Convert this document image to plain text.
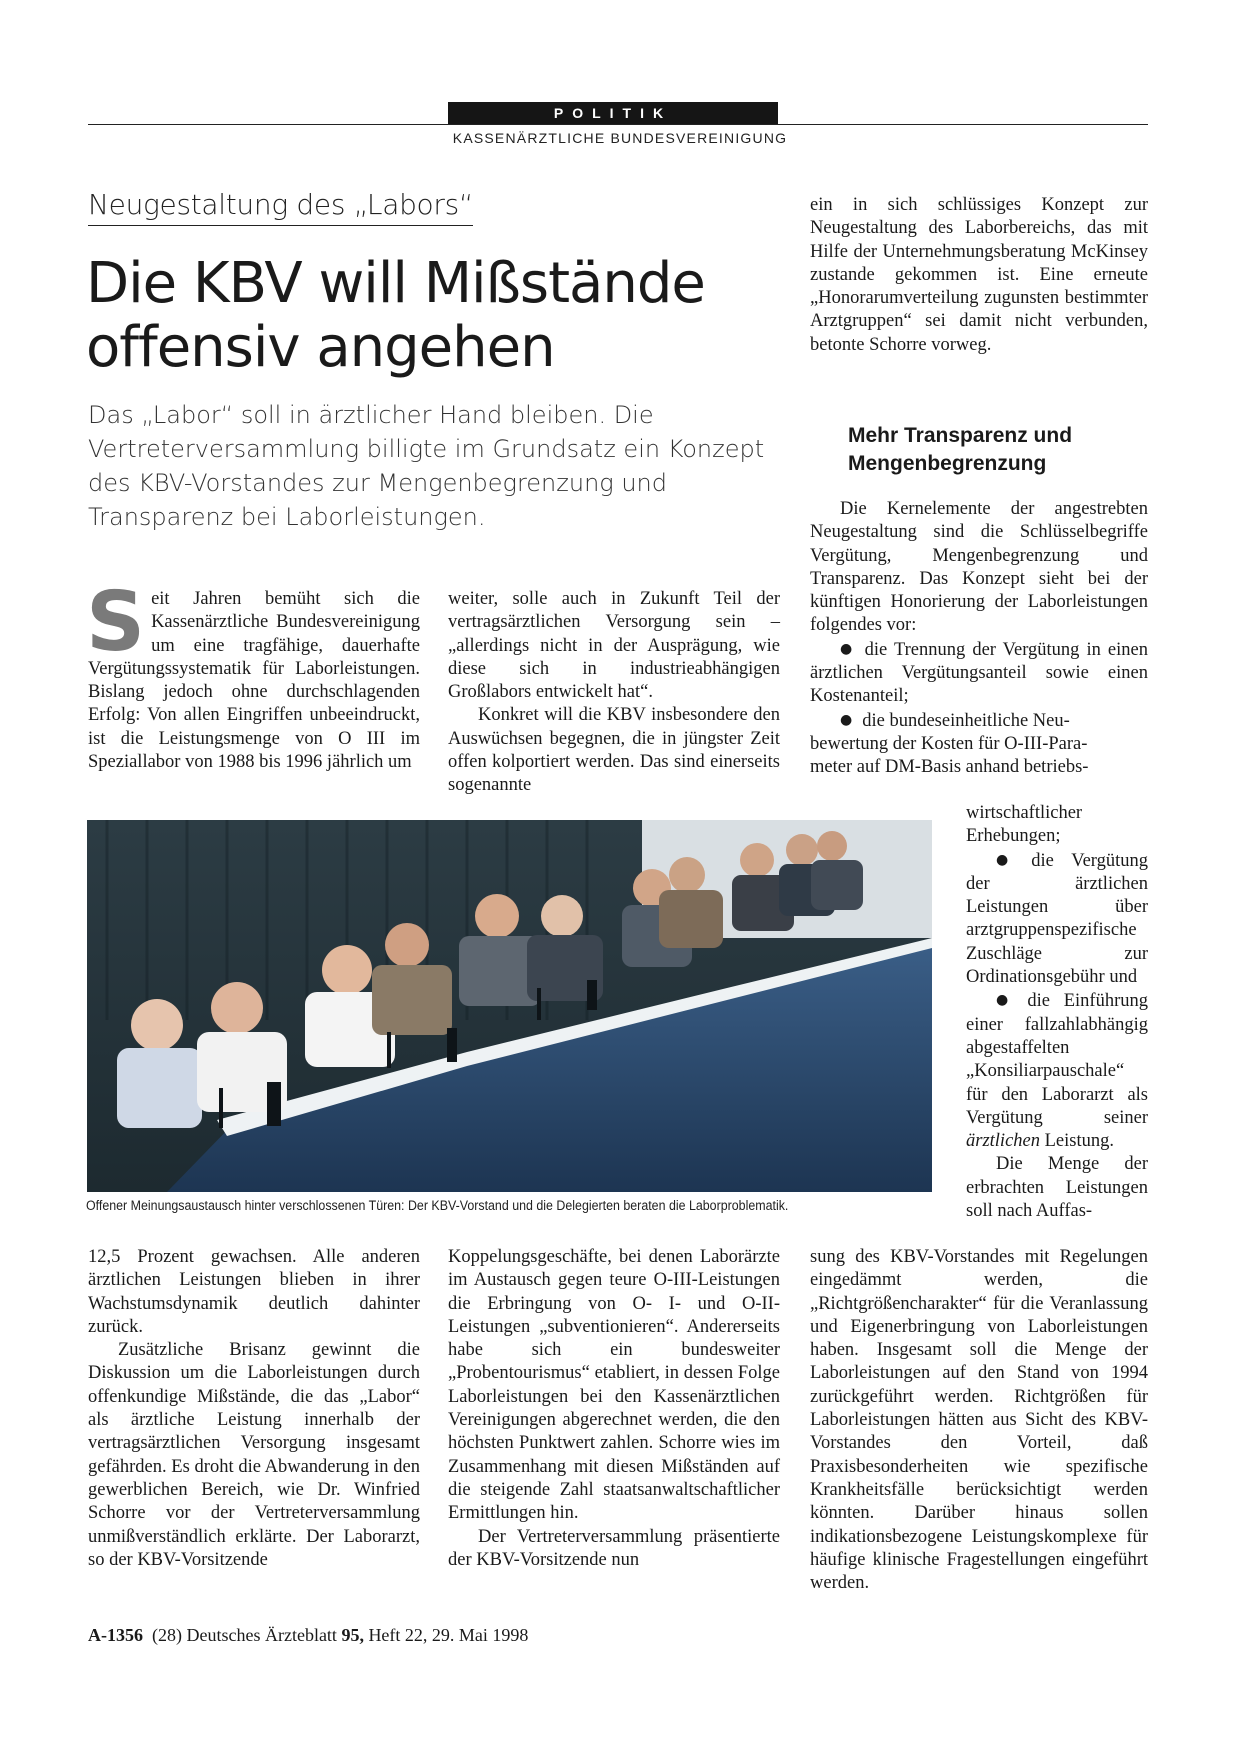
POLITIK
KASSENÄRZTLICHE BUNDESVEREINIGUNG
Neugestaltung des „Labors“
Die KBV will Mißstände offensiv angehen
Das „Labor“ soll in ärztlicher Hand bleiben. Die Vertreterversammlung billigte im Grundsatz ein Konzept des KBV-Vorstandes zur Mengenbegrenzung und Transparenz bei Laborleistungen.

Seit Jahren bemüht sich die Kassenärztliche Bundesvereinigung um eine tragfähige, dauerhafte Vergütungssystematik für Laborleistungen. Bislang jedoch ohne durchschlagenden Erfolg: Von allen Eingriffen unbeeindruckt, ist die Leistungsmenge von O III im Speziallabor von 1988 bis 1996 jährlich um

weiter, solle auch in Zukunft Teil der vertragsärztlichen Versorgung sein – „allerdings nicht in der Ausprägung, wie diese sich in industrieabhängigen Großlabors entwickelt hat“.

Konkret will die KBV insbesondere den Auswüchsen begegnen, die in jüngster Zeit offen kolportiert werden. Das sind einerseits sogenannte

ein in sich schlüssiges Konzept zur Neugestaltung des Laborbereichs, das mit Hilfe der Unternehmungsberatung McKinsey zustande gekommen ist. Eine erneute „Honorarumverteilung zugunsten bestimmter Arztgruppen“ sei damit nicht verbunden, betonte Schorre vorweg.

Mehr Transparenz und Mengenbegrenzung

Die Kernelemente der angestrebten Neugestaltung sind die Schlüsselbegriffe Vergütung, Mengenbegrenzung und Transparenz. Das Konzept sieht bei der künftigen Honorierung der Laborleistungen folgendes vor:

● die Trennung der Vergütung in einen ärztlichen Vergütungsanteil sowie einen Kostenanteil;

● die bundeseinheitliche Neu-
bewertung der Kosten für O-III-Para-
meter auf DM-Basis anhand betriebs-

wirtschaftlicher Erhebungen;

● die Vergütung der ärztlichen Leistungen über arztgruppenspezifische Zuschläge zur Ordinationsgebühr und

● die Einführung einer fallzahlabhängig abgestaffelten „Konsiliarpauschale“ für den Laborarzt als Vergütung seiner ärztlichen Leistung.

Die Menge der erbrachten Leistungen soll nach Auffas-

Offener Meinungsaustausch hinter verschlossenen Türen: Der KBV-Vorstand und die Delegierten beraten die Laborproblematik.

12,5 Prozent gewachsen. Alle anderen ärztlichen Leistungen blieben in ihrer Wachstumsdynamik deutlich dahinter zurück.

Zusätzliche Brisanz gewinnt die Diskussion um die Laborleistungen durch offenkundige Mißstände, die das „Labor“ als ärztliche Leistung innerhalb der vertragsärztlichen Versorgung insgesamt gefährden. Es droht die Abwanderung in den gewerblichen Bereich, wie Dr. Winfried Schorre vor der Vertreterversammlung unmißverständlich erklärte. Der Laborarzt, so der KBV-Vorsitzende

Koppelungsgeschäfte, bei denen Laborärzte im Austausch gegen teure O-III-Leistungen die Erbringung von O- I- und O-II-Leistungen „subventionieren“. Andererseits habe sich ein bundesweiter „Probentourismus“ etabliert, in dessen Folge Laborleistungen bei den Kassenärztlichen Vereinigungen abgerechnet werden, die den höchsten Punktwert zahlen. Schorre wies im Zusammenhang mit diesen Mißständen auf die steigende Zahl staatsanwaltschaftlicher Ermittlungen hin.

Der Vertreterversammlung präsentierte der KBV-Vorsitzende nun

sung des KBV-Vorstandes mit Regelungen eingedämmt werden, die „Richtgrößencharakter“ für die Veranlassung und Eigenerbringung von Laborleistungen haben. Insgesamt soll die Menge der Laborleistungen auf den Stand von 1994 zurückgeführt werden. Richtgrößen für Laborleistungen hätten aus Sicht des KBV-Vorstandes den Vorteil, daß Praxisbesonderheiten wie spezifische Krankheitsfälle berücksichtigt werden könnten. Darüber hinaus sollen indikationsbezogene Leistungskomplexe für häufige klinische Fragestellungen eingeführt werden.

A-1356 (28) Deutsches Ärzteblatt 95, Heft 22, 29. Mai 1998
